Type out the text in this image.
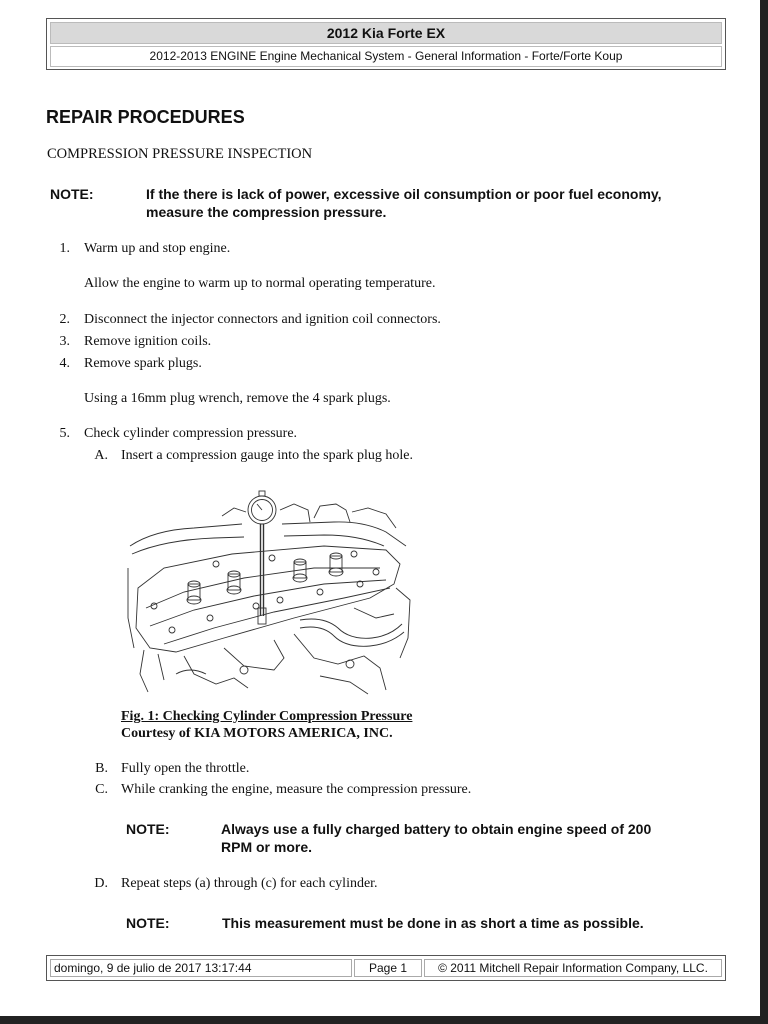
2012 Kia Forte EX
2012-2013 ENGINE Engine Mechanical System - General Information - Forte/Forte Koup
REPAIR PROCEDURES
COMPRESSION PRESSURE INSPECTION
NOTE:	If the there is lack of power, excessive oil consumption or poor fuel economy,
measure the compression pressure.
1. Warm up and stop engine.
Allow the engine to warm up to normal operating temperature.
2. Disconnect the injector connectors and ignition coil connectors.
3. Remove ignition coils.
4. Remove spark plugs.
Using a 16mm plug wrench, remove the 4 spark plugs.
5. Check cylinder compression pressure.
A. Insert a compression gauge into the spark plug hole.
Fig. 1: Checking Cylinder Compression Pressure
Courtesy of KIA MOTORS AMERICA, INC.
B. Fully open the throttle.
C. While cranking the engine, measure the compression pressure.
NOTE:	Always use a fully charged battery to obtain engine speed of 200
RPM or more.
D. Repeat steps (a) through (c) for each cylinder.
NOTE:	This measurement must be done in as short a time as possible.
domingo, 9 de julio de 2017 13:17:44	Page 1	© 2011 Mitchell Repair Information Company, LLC.
